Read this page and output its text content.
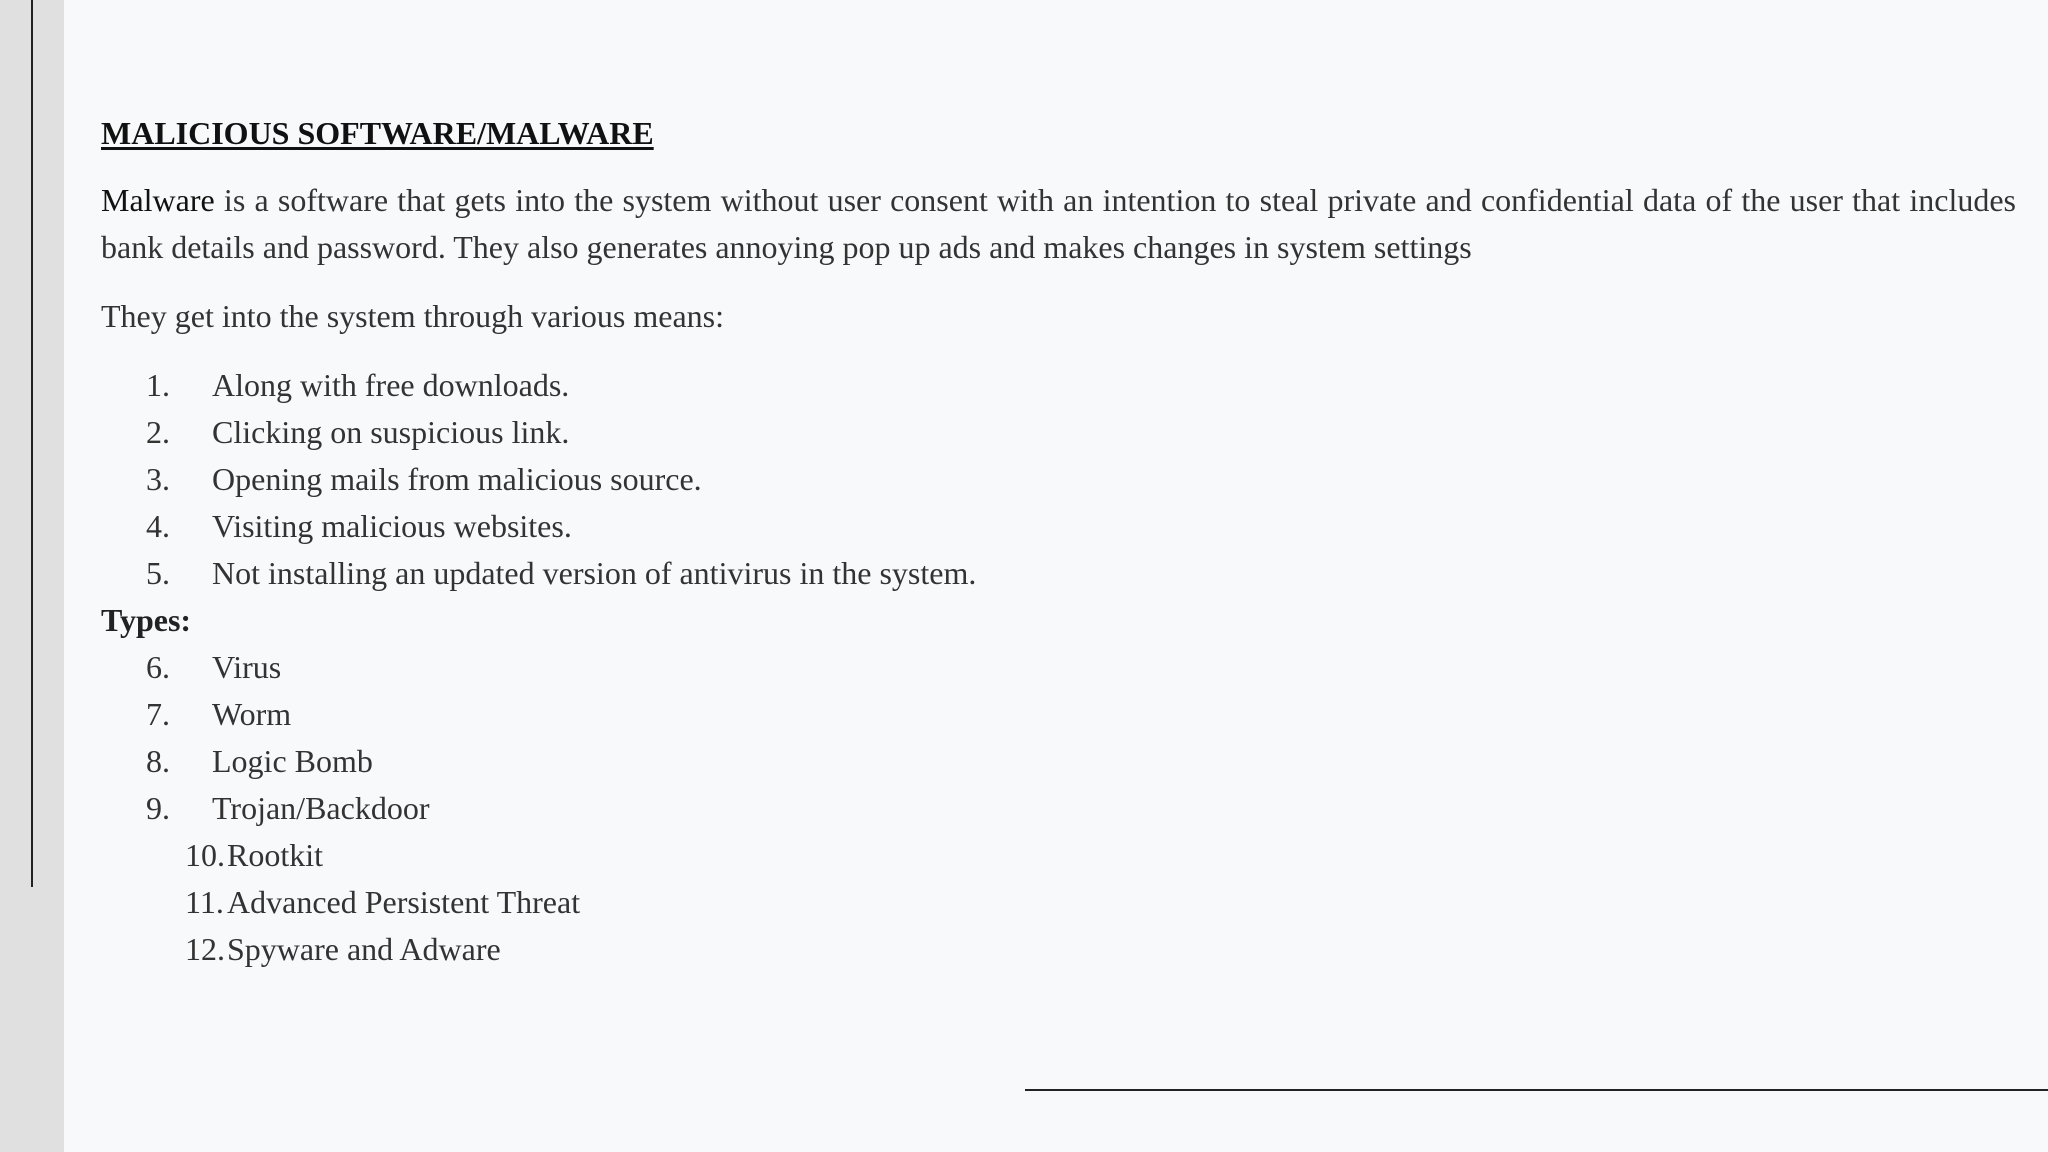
MALICIOUS SOFTWARE/MALWARE

Malware is a software that gets into the system without user consent with an intention to steal private and confidential data of the user that includes bank details and password. They also generates annoying pop up ads and makes changes in system settings

They get into the system through various means:

1.	Along with free downloads.
2.	Clicking on suspicious link.
3.	Opening mails from malicious source.
4.	Visiting malicious websites.
5.	Not installing an updated version of antivirus in the system.
Types:
6.	Virus
7.	Worm
8.	Logic Bomb
9.	Trojan/Backdoor
10. Rootkit
11. Advanced Persistent Threat
12. Spyware and Adware
